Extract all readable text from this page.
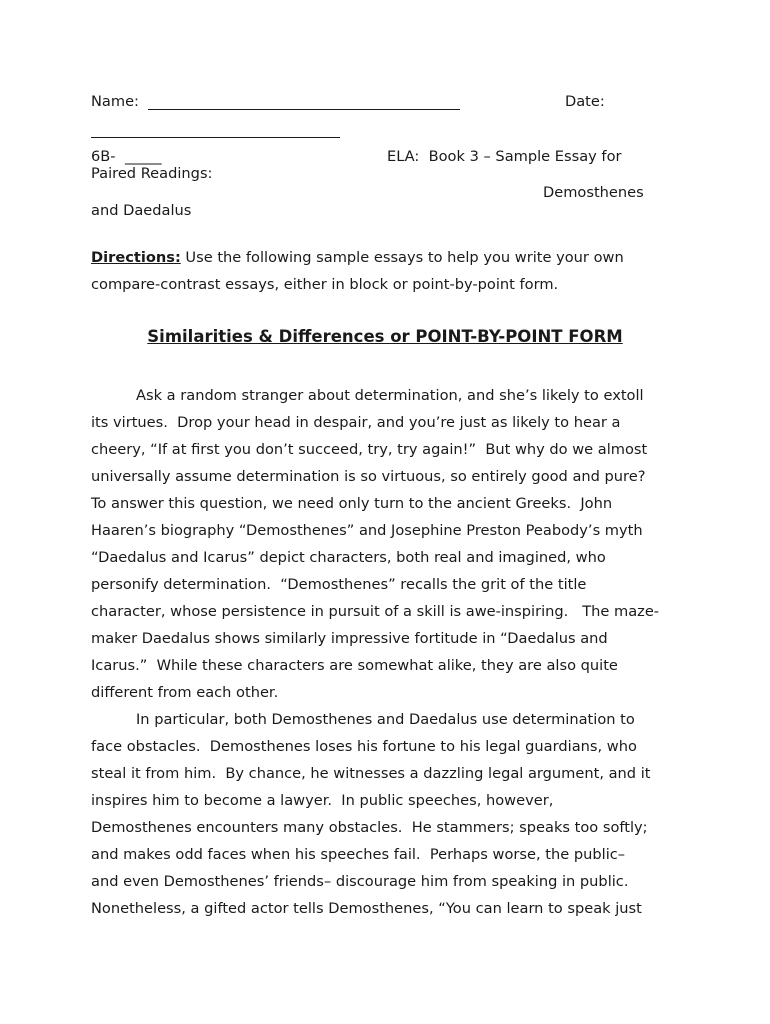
Name:	Date:
6B- _____	ELA:  Book 3 – Sample Essay for
Paired Readings:
Demosthenes
and Daedalus
Directions: Use the following sample essays to help you write your own compare-contrast essays, either in block or point-by-point form.
Similarities & Differences or POINT-BY-POINT FORM
Ask a random stranger about determination, and she’s likely to extoll
its virtues.  Drop your head in despair, and you’re just as likely to hear a
cheery, “If at first you don’t succeed, try, try again!”  But why do we almost
universally assume determination is so virtuous, so entirely good and pure?
To answer this question, we need only turn to the ancient Greeks.  John
Haaren’s biography “Demosthenes” and Josephine Preston Peabody’s myth
“Daedalus and Icarus” depict characters, both real and imagined, who
personify determination.  “Demosthenes” recalls the grit of the title
character, whose persistence in pursuit of a skill is awe-inspiring.   The maze-
maker Daedalus shows similarly impressive fortitude in “Daedalus and
Icarus.”  While these characters are somewhat alike, they are also quite
different from each other.
In particular, both Demosthenes and Daedalus use determination to
face obstacles.  Demosthenes loses his fortune to his legal guardians, who
steal it from him.  By chance, he witnesses a dazzling legal argument, and it
inspires him to become a lawyer.  In public speeches, however,
Demosthenes encounters many obstacles.  He stammers; speaks too softly;
and makes odd faces when his speeches fail.  Perhaps worse, the public–
and even Demosthenes’ friends– discourage him from speaking in public.
Nonetheless, a gifted actor tells Demosthenes, “You can learn to speak just
